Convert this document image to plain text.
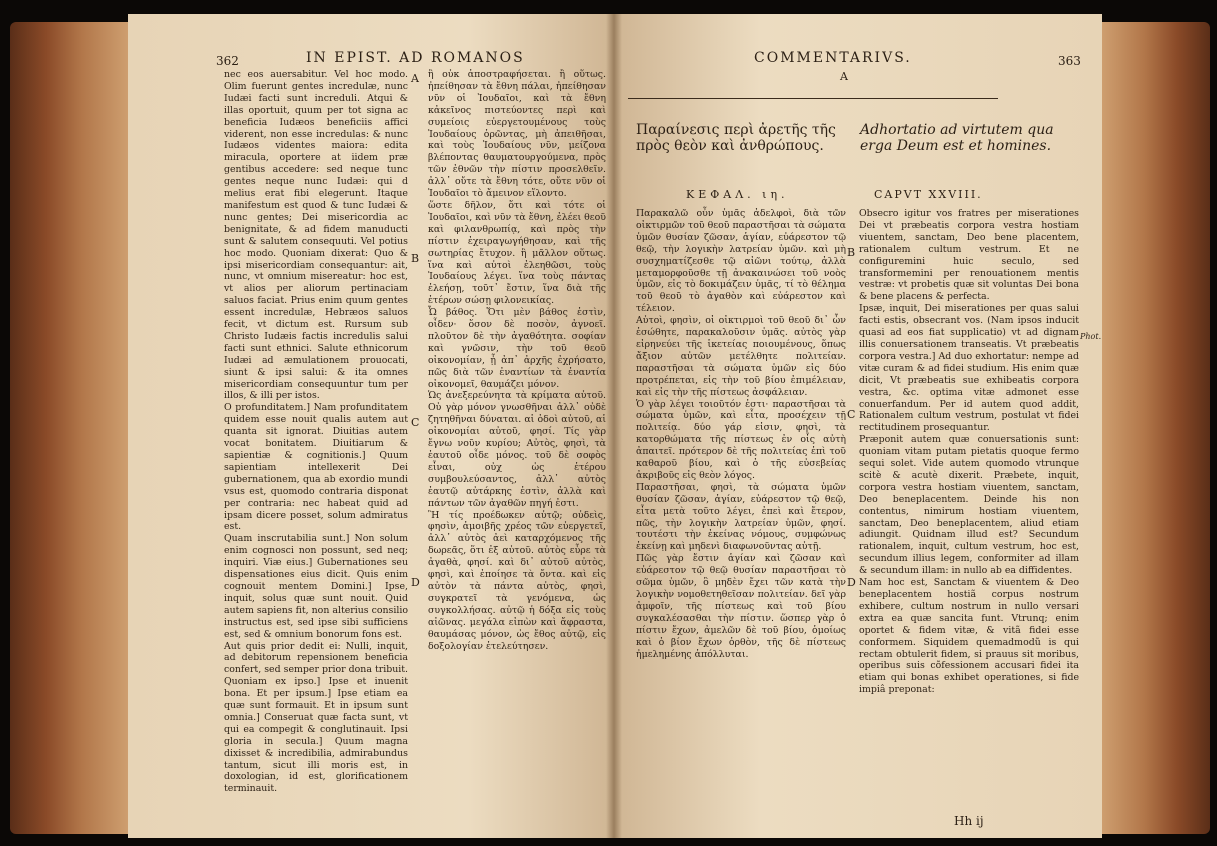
362	IN EPIST. AD ROMANOS

nec eos auersabitur. Vel hoc modo. Olim fuerunt gentes incredulæ, nunc Iudæi facti sunt increduli. Atqui & illas oportuit, quum per tot signa ac beneficia Iudæos beneficiis affici viderent, non esse incredulas: & nunc Iudæos videntes maiora: edita miracula, oportere at iidem præ gentibus accedere: sed neque tunc gentes neque nunc Iudæi: qui d melius erat fibi elegerunt. Itaque manifestum est quod & tunc Iudæi & nunc gentes; Dei misericordia ac benignitate, & ad fidem manuducti sunt & salutem consequuti. Vel potius hoc modo. Quoniam dixerat: Quo & ipsi misericordiam consequantur: ait, nunc, vt omnium misereatur: hoc est, vt alios per aliorum pertinaciam saluos faciat. Prius enim quum gentes essent incredulæ, Hebræos saluos fecit, vt dictum est. Rursum sub Christo Iudæis factis incredulis salui facti sunt ethnici. Salute ethnicorum Iudæi ad æmulationem prouocati, siunt & ipsi salui: & ita omnes misericordiam consequuntur tum per illos, & illi per istos.

O profunditatem.] Nam profunditatem quidem esse nouit qualis autem aut quanta sit ignorat. Diuitias autem vocat bonitatem. Diuitiarum & sapientiæ & cognitionis.] Quum sapientiam intellexerit Dei gubernationem, qua ab exordio mundi vsus est, quomodo contraria disponat per contraria: nec habeat quid ad ipsam dicere posset, solum admiratus est.

Quam inscrutabilia sunt.] Non solum enim cognosci non possunt, sed neq; inquiri. Viæ eius.] Gubernationes seu dispensationes eius dicit. Quis enim cognouit mentem Domini.] Ipse, inquit, solus quæ sunt nouit. Quid autem sapiens fit, non alterius consilio instructus est, sed ipse sibi sufficiens est, sed & omnium bonorum fons est.

Aut quis prior dedit ei: Nulli, inquit, ad debitorum repensionem beneficia confert, sed semper prior dona tribuit. Quoniam ex ipso.] Ipse et inuenit bona. Et per ipsum.] Ipse etiam ea quæ sunt formauit. Et in ipsum sunt omnia.] Conseruat quæ facta sunt, vt qui ea compegit & conglutinauit. Ipsi gloria in secula.] Quum magna dixisset & incredibilia, admirabundus tantum, sicut illi moris est, in doxologian, id est, glorificationem terminauit.

A
B
C
D

ἢ οὐκ ἀποστραφήσεται. ἢ οὕτως. ἠπείθησαν τὰ ἔθνη πάλαι, ἠπείθησαν νῦν οἱ Ἰουδαῖοι, καὶ τὰ ἔθνη κἀκεῖνος πιστεύοντες περὶ καὶ συμείοις εὐεργετουμένους τοὺς Ἰουδαίους ὁρῶντας, μὴ ἀπειθῆσαι, καὶ τοὺς Ἰουδαίους νῦν, μείζονα βλέποντας θαυματουργούμενα, πρὸς τῶν ἐθνῶν τὴν πίστιν προσελθεῖν. ἀλλ᾽ οὔτε τὰ ἔθνη τότε, οὔτε νῦν οἱ Ἰουδαῖοι τὸ ἄμεινον εἵλοντο.

ὥστε δῆλον, ὅτι καὶ τότε οἱ Ἰουδαῖοι, καὶ νῦν τὰ ἔθνη, ἐλέει θεοῦ καὶ φιλανθρωπίᾳ, καὶ πρὸς τὴν πίστιν ἐχειραγωγήθησαν, καὶ τῆς σωτηρίας ἔτυχον. ἢ μᾶλλον οὕτως. ἵνα καὶ αὐτοὶ ἐλεηθῶσι, τοὺς Ἰουδαίους λέγει. ἵνα τοὺς πάντας ἐλεήσῃ, τοῦτ᾽ ἔστιν, ἵνα διὰ τῆς ἑτέρων σώσῃ φιλονεικίας.

Ὦ βάθος. Ὅτι μὲν βάθος ἐστὶν, οἶδεν· ὅσον δὲ ποσὸν, ἀγνοεῖ. πλοῦτον δὲ τὴν ἀγαθότητα. σοφίαν καὶ γνῶσιν, τὴν τοῦ θεοῦ οἰκονομίαν, ᾗ ἀπ᾽ ἀρχῆς ἐχρήσατο, πῶς διὰ τῶν ἐναντίων τὰ ἐναντία οἰκονομεῖ, θαυμάζει μόνον.

Ὡς ἀνεξερεύνητα τὰ κρίματα αὐτοῦ. Οὐ γὰρ μόνον γνωσθῆναι ἀλλ᾽ οὐδὲ ζητηθῆναι δύναται. αἱ ὁδοὶ αὐτοῦ, αἱ οἰκονομίαι αὐτοῦ, φησί. Τίς γὰρ ἔγνω νοῦν κυρίου; Αὐτὸς, φησὶ, τὰ ἑαυτοῦ οἶδε μόνος. τοῦ δὲ σοφὸς εἶναι, οὐχ ὡς ἑτέρου συμβουλεύσαντος, ἀλλ᾽ αὐτὸς ἑαυτῷ αὐτάρκης ἐστὶν, ἀλλὰ καὶ πάντων τῶν ἀγαθῶν πηγή ἐστι.

Ἢ τίς προέδωκεν αὐτῷ; οὐδεὶς, φησὶν, ἀμοιβῆς χρέος τῶν εὐεργετεῖ, ἀλλ᾽ αὐτὸς ἀεὶ καταρχόμενος τῆς δωρεᾶς, ὅτι ἐξ αὐτοῦ. αὐτὸς εὗρε τὰ ἀγαθὰ, φησί. καὶ δι᾽ αὐτοῦ αὐτὸς, φησὶ, καὶ ἐποίησε τὰ ὄντα. καὶ εἰς αὐτὸν τὰ πάντα αὐτὸς, φησὶ, συγκρατεῖ τὰ γενόμενα, ὡς συγκολλήσας. αὐτῷ ἡ δόξα εἰς τοὺς αἰῶνας. μεγάλα εἰπὼν καὶ ἄφραστα, θαυμάσας μόνον, ὡς ἔθος αὐτῷ, εἰς δοξολογίαν ἐτελεύτησεν.

COMMENTARIVS.	363
A
Παραίνεσις περὶ ἀρετῆς τῆς πρὸς θεὸν καὶ ἀνθρώπους.
Adhortatio ad virtutem qua erga Deum est et homines.
ΚΕΦΑΛ. ιη.	CAPVT XXVIII.

Παρακαλῶ οὖν ὑμᾶς ἀδελφοὶ, διὰ τῶν οἰκτιρμῶν τοῦ θεοῦ παραστῆσαι τὰ σώματα ὑμῶν θυσίαν ζῶσαν, ἁγίαν, εὐάρεστον τῷ θεῷ, τὴν λογικὴν λατρείαν ὑμῶν. καὶ μὴ συσχηματίζεσθε τῷ αἰῶνι τούτῳ, ἀλλὰ μεταμορφοῦσθε τῇ ἀνακαινώσει τοῦ νοὸς ὑμῶν, εἰς τὸ δοκιμάζειν ὑμᾶς, τί τὸ θέλημα τοῦ θεοῦ τὸ ἀγαθὸν καὶ εὐάρεστον καὶ τέλειον.

Αὐτοὶ, φησὶν, οἱ οἰκτιρμοὶ τοῦ θεοῦ δι᾽ ὧν ἐσώθητε, παρακαλοῦσιν ὑμᾶς. αὐτὸς γὰρ εἰρηνεύει τῆς ἱκετείας ποιουμένους, ὅπως ἄξιον αὐτῶν μετέλθητε πολιτείαν. παραστῆσαι τὰ σώματα ὑμῶν εἰς δύο προτρέπεται, εἰς τὴν τοῦ βίου ἐπιμέλειαν, καὶ εἰς τὴν τῆς πίστεως ἀσφάλειαν.

Ὁ γὰρ λέγει τοιοῦτόν ἐστι· παραστῆσαι τὰ σώματα ὑμῶν, καὶ εἶτα, προσέχειν τῇ πολιτείᾳ. δύο γάρ εἰσιν, φησὶ, τὰ κατορθώματα τῆς πίστεως ἐν οἷς αὐτὴ ἀπαιτεῖ. πρότερον δὲ τῆς πολιτείας ἐπὶ τοῦ καθαροῦ βίου, καὶ ὁ τῆς εὐσεβείας ἀκριβοῦς εἰς θεὸν λόγος.

Παραστῆσαι, φησὶ, τὰ σώματα ὑμῶν θυσίαν ζῶσαν, ἁγίαν, εὐάρεστον τῷ θεῷ, εἶτα μετὰ τοῦτο λέγει, ἐπεὶ καὶ ἔτερον, πῶς, τὴν λογικὴν λατρείαν ὑμῶν, φησί. τουτέστι τὴν ἐκείνας νόμους, συμφώνως ἐκείνῃ καὶ μηδενὶ διαφωνοῦντας αὐτῇ.

Πῶς γὰρ ἔστιν ἁγίαν καὶ ζῶσαν καὶ εὐάρεστον τῷ θεῷ θυσίαν παραστῆσαι τὸ σῶμα ὑμῶν, ὃ μηδὲν ἔχει τῶν κατὰ τὴν λογικὴν νομοθετηθεῖσαν πολιτείαν. δεῖ γὰρ ἀμφοῖν, τῆς πίστεως καὶ τοῦ βίου συγκαλέσασθαι τὴν πίστιν. ὥσπερ γὰρ ὁ πίστιν ἔχων, ἀμελῶν δὲ τοῦ βίου, ὁμοίως καὶ ὁ βίον ἔχων ὀρθὸν, τῆς δὲ πίστεως ἠμελημένης ἀπόλλυται.

B
C
D

Obsecro igitur vos fratres per miserationes Dei vt præbeatis corpora vestra hostiam viuentem, sanctam, Deo bene placentem, rationalem cultum vestrum. Et ne configuremini huic seculo, sed transformemini per renouationem mentis vestræ: vt probetis quæ sit voluntas Dei bona & bene placens & perfecta.

Ipsæ, inquit, Dei miserationes per quas salui facti estis, obsecrant vos. (Nam ipsos inducit quasi ad eos fiat supplicatio) vt ad dignam illis conuersationem transeatis. Vt præbeatis corpora vestra.] Ad duo exhortatur: nempe ad vitæ curam & ad fidei studium. His enim quæ dicit, Vt præbeatis sue exhibeatis corpora vestra, &c. optima vitæ admonet esse conuerfandum. Per id autem quod addit, Rationalem cultum vestrum, postulat vt fidei rectitudinem prosequantur.

Præponit autem quæ conuersationis sunt: quoniam vitam putam pietatis quoque fermo sequi solet. Vide autem quomodo vtrunque scitè & acutè dixerit. Præbete, inquit, corpora vestra hostiam viuentem, sanctam, Deo beneplacentem. Deinde his non contentus, nimirum hostiam viuentem, sanctam, Deo beneplacentem, aliud etiam adiungit. Quidnam illud est? Secundum rationalem, inquit, cultum vestrum, hoc est, secundum illius legem, conformiter ad illam & secundum illam: in nullo ab ea diffidentes.

Nam hoc est, Sanctam & viuentem & Deo beneplacentem hostiã corpus nostrum exhibere, cultum nostrum in nullo versari extra ea quæ sancita funt. Vtrunq; enim oportet & fidem vitæ, & vitã fidei esse conformem. Siquidem quemadmodũ is qui rectam obtulerit fidem, si prauus sit moribus, operibus suis cõfessionem accusari fidei ita etiam qui bonas exhibet operationes, si fide impiâ preponat:

Phot.
Hh ij
